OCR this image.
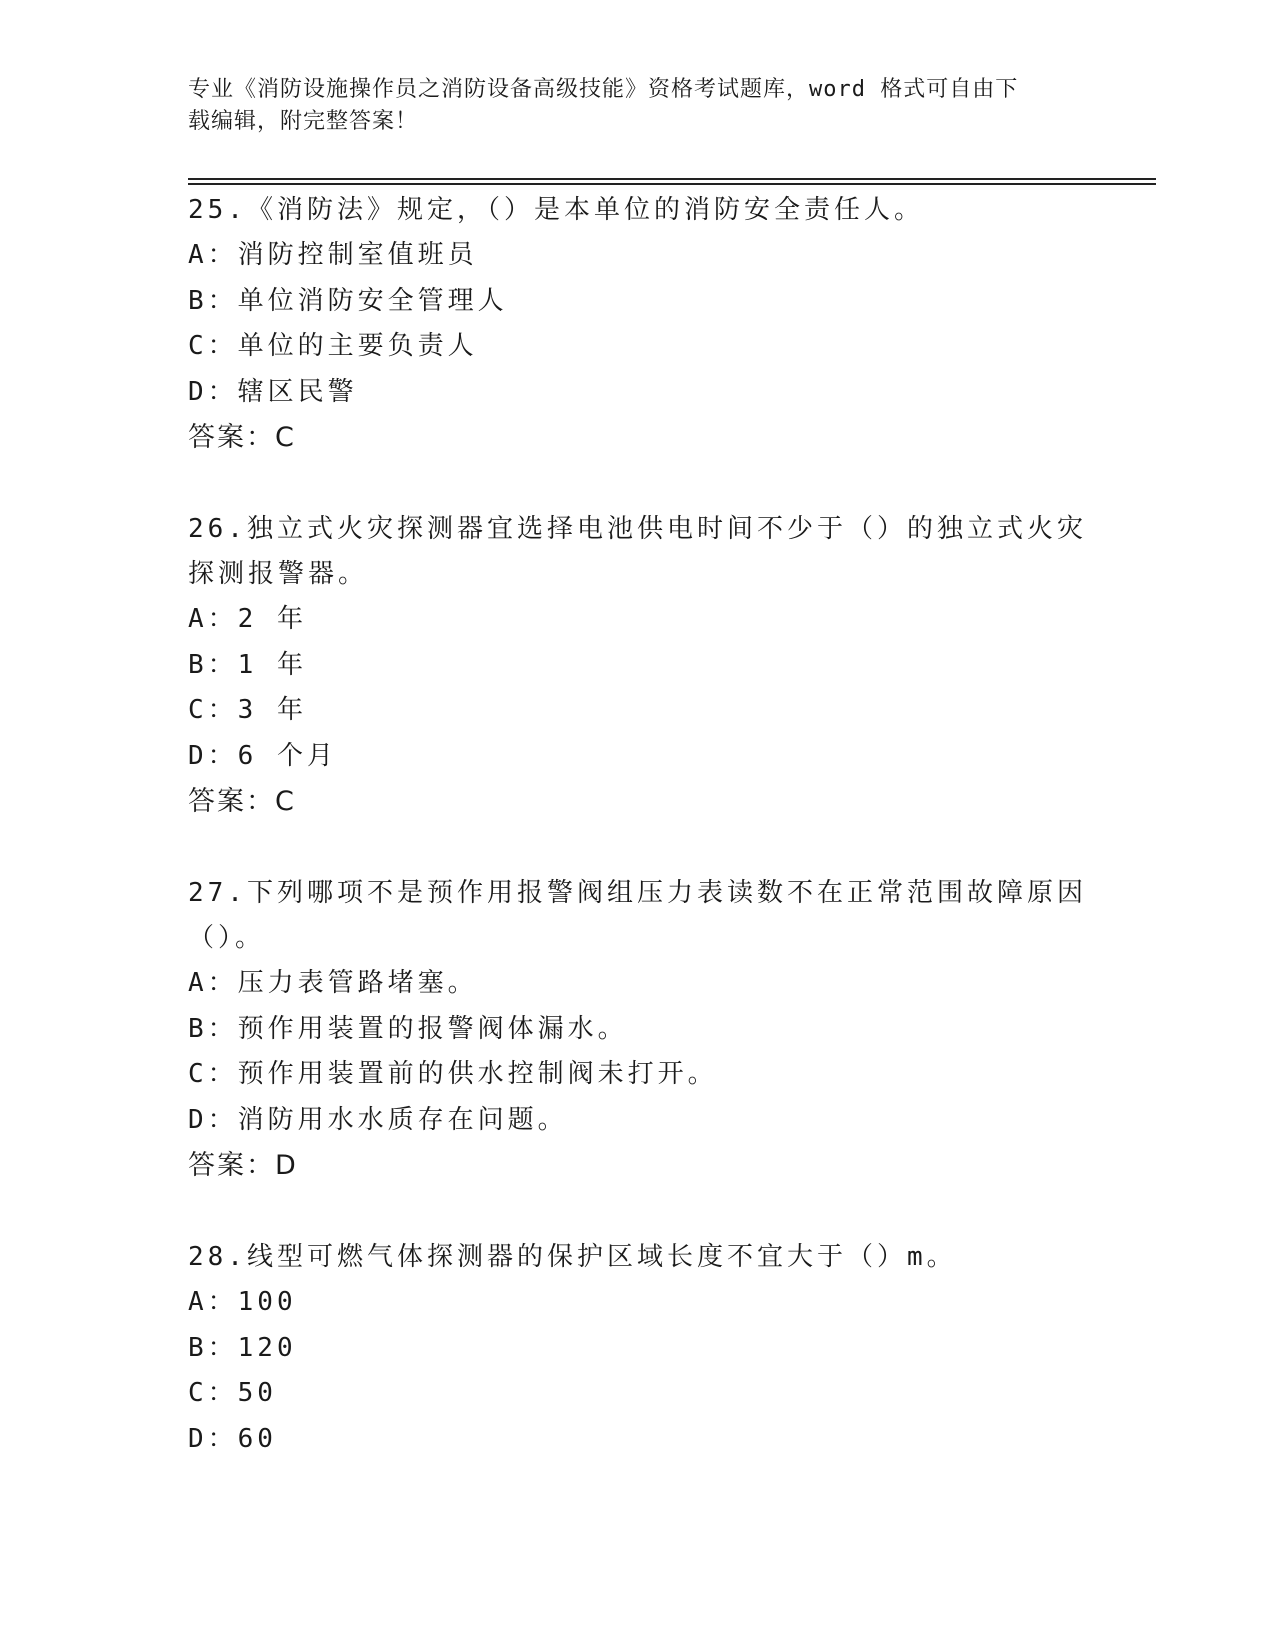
专业《消防设施操作员之消防设备高级技能》资格考试题库，word 格式可自由下
载编辑，附完整答案！

25.《消防法》规定，（）是本单位的消防安全责任人。

A：消防控制室值班员

B：单位消防安全管理人

C：单位的主要负责人

D：辖区民警

答案：C

26.独立式火灾探测器宜选择电池供电时间不少于（）的独立式火灾探测报警器。

A：2 年

B：1 年

C：3 年

D：6 个月

答案：C

27.下列哪项不是预作用报警阀组压力表读数不在正常范围故障原因（）。

A：压力表管路堵塞。

B：预作用装置的报警阀体漏水。

C：预作用装置前的供水控制阀未打开。

D：消防用水水质存在问题。

答案：D

28.线型可燃气体探测器的保护区域长度不宜大于（）m。

A：100

B：120

C：50

D：60
